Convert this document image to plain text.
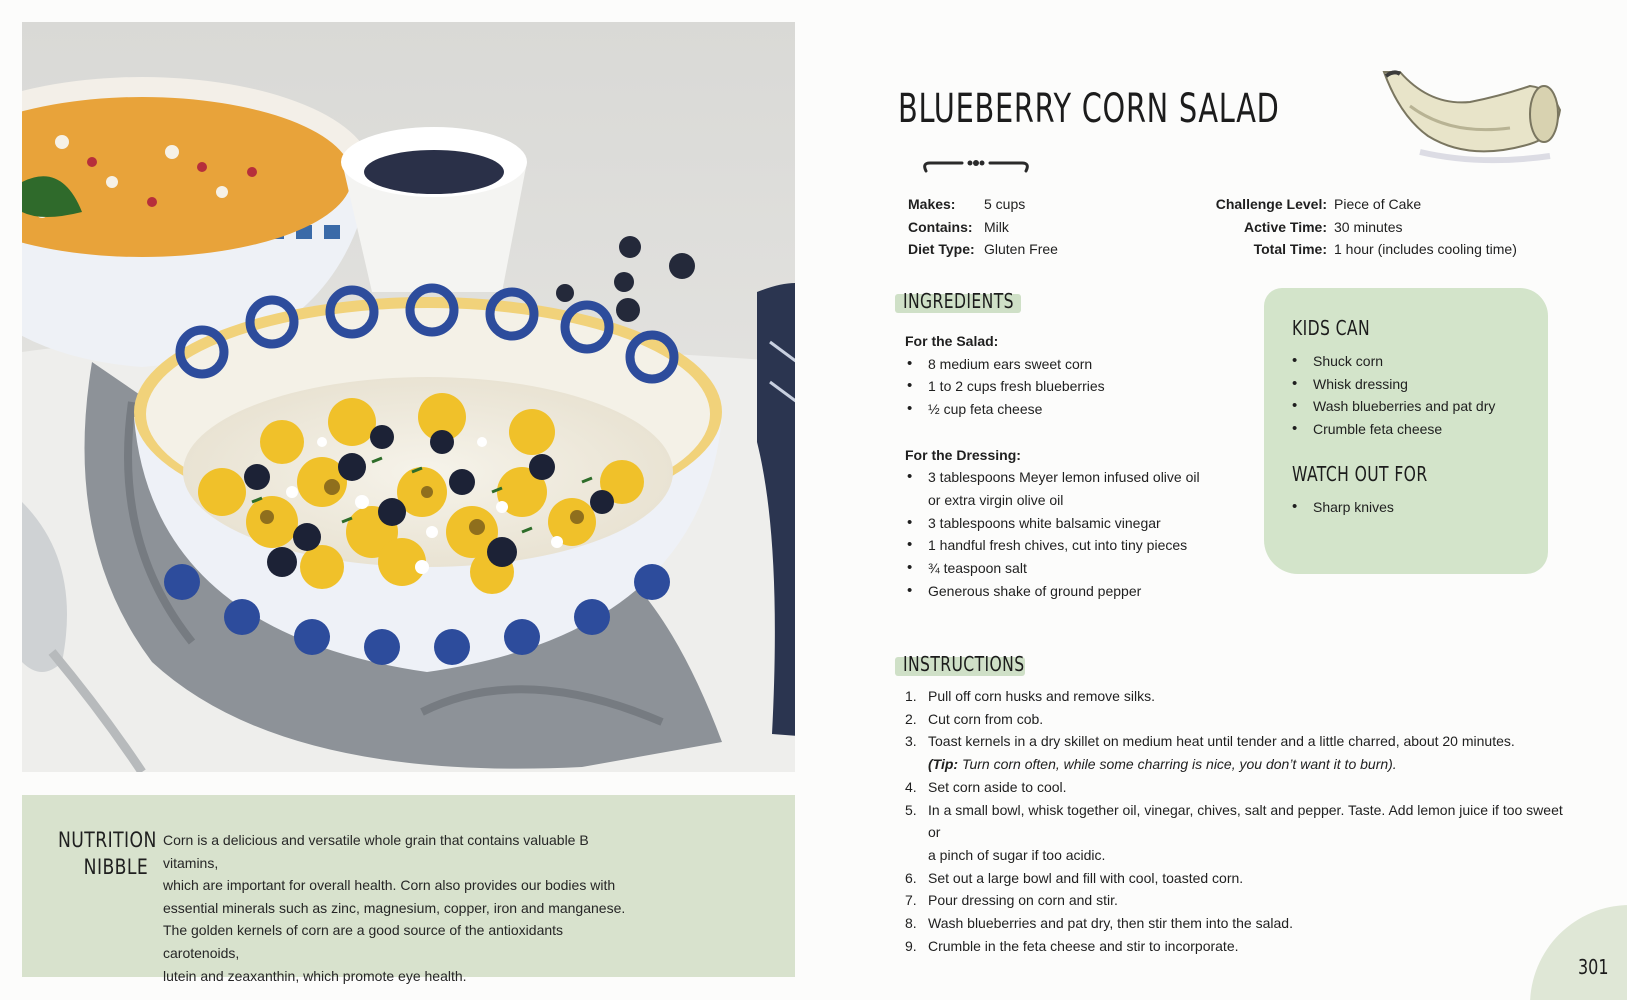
NUTRITION
NIBBLE
Corn is a delicious and versatile whole grain that contains valuable B vitamins,
which are important for overall health. Corn also provides our bodies with
essential minerals such as zinc, magnesium, copper, iron and manganese.
The golden kernels of corn are a good source of the antioxidants carotenoids,
lutein and zeaxanthin, which promote eye health.
BLUEBERRY CORN SALAD
Makes:	5 cups
Contains: Milk
Diet Type: Gluten Free
Challenge Level: Piece of Cake
Active Time: 30 minutes
Total Time: 1 hour (includes cooling time)
INGREDIENTS
For the Salad:
• 8 medium ears sweet corn
• 1 to 2 cups fresh blueberries
• ½ cup feta cheese
For the Dressing:
• 3 tablespoons Meyer lemon infused olive oil
or extra virgin olive oil
• 3 tablespoons white balsamic vinegar
• 1 handful fresh chives, cut into tiny pieces
• ¾ teaspoon salt
• Generous shake of ground pepper
KIDS CAN
• Shuck corn
• Whisk dressing
• Wash blueberries and pat dry
• Crumble feta cheese
WATCH OUT FOR
• Sharp knives
INSTRUCTIONS
1. Pull off corn husks and remove silks.
2. Cut corn from cob.
3. Toast kernels in a dry skillet on medium heat until tender and a little charred, about 20 minutes.
(Tip: Turn corn often, while some charring is nice, you don’t want it to burn).
4. Set corn aside to cool.
5. In a small bowl, whisk together oil, vinegar, chives, salt and pepper. Taste. Add lemon juice if too sweet or
a pinch of sugar if too acidic.
6. Set out a large bowl and fill with cool, toasted corn.
7. Pour dressing on corn and stir.
8. Wash blueberries and pat dry, then stir them into the salad.
9. Crumble in the feta cheese and stir to incorporate.
301
